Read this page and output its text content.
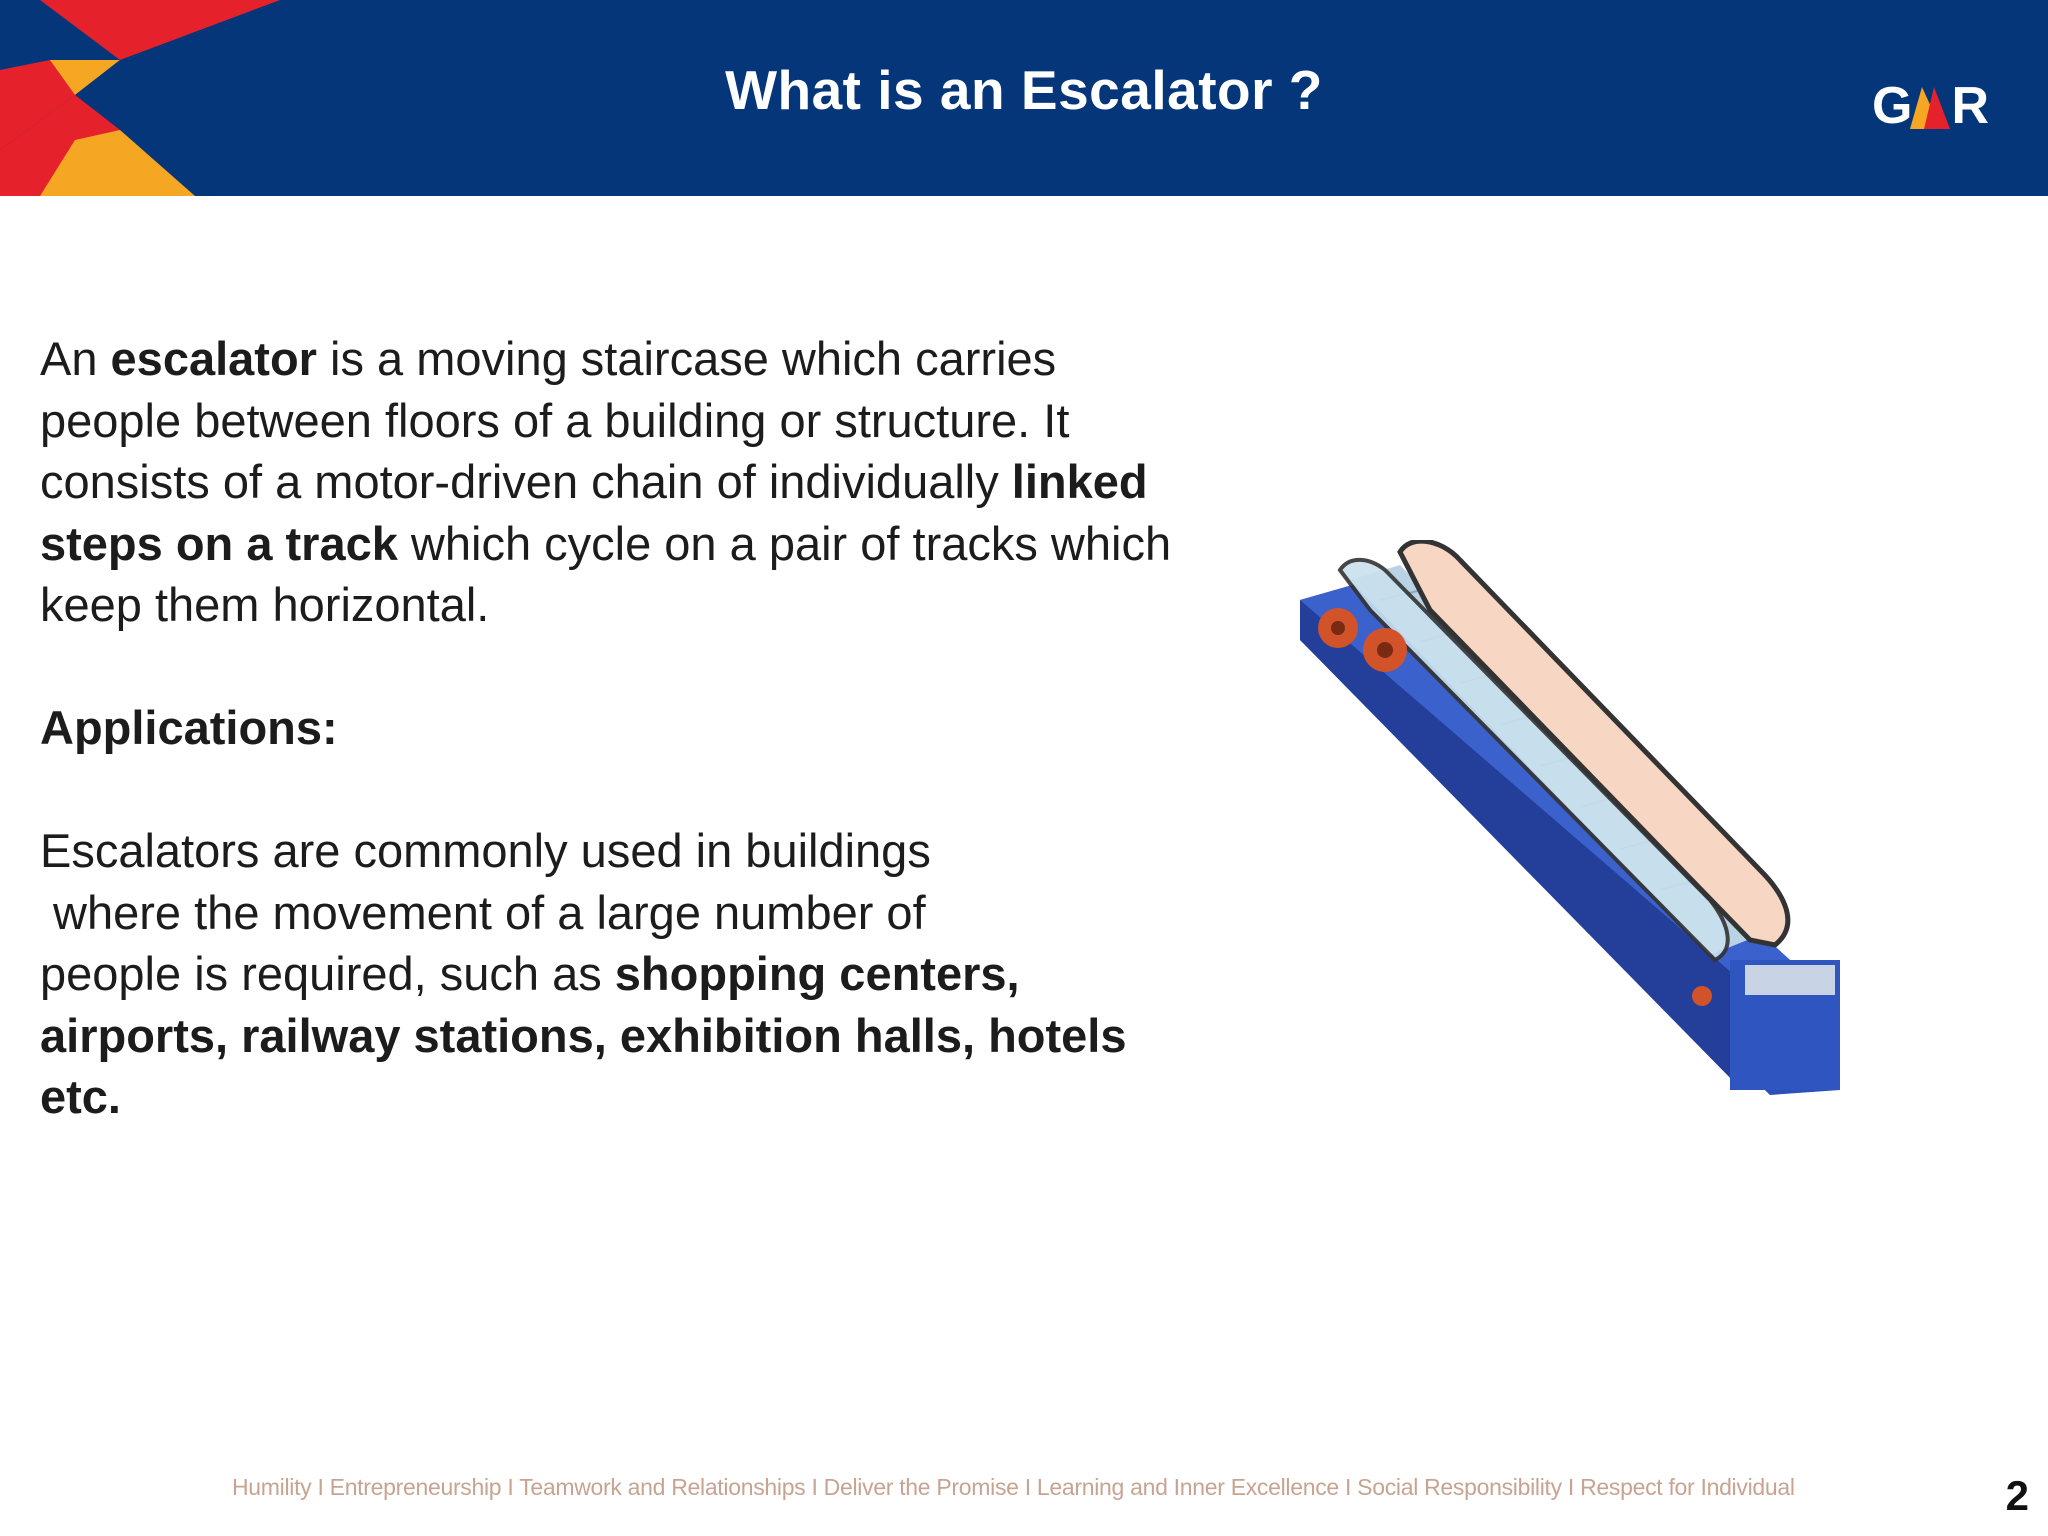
What is an Escalator ?	G R

An escalator is a moving staircase which carries people between floors of a building or structure. It consists of a motor-driven chain of individually linked steps on a track which cycle on a pair of tracks which keep them horizontal.

Applications:

Escalators are commonly used in buildings
where the movement of a large number of
people is required, such as shopping centers, airports, railway stations, exhibition halls, hotels etc.

Humility I Entrepreneurship I Teamwork and Relationships I Deliver the Promise I Learning and Inner Excellence I Social Responsibility I Respect for Individual	2
